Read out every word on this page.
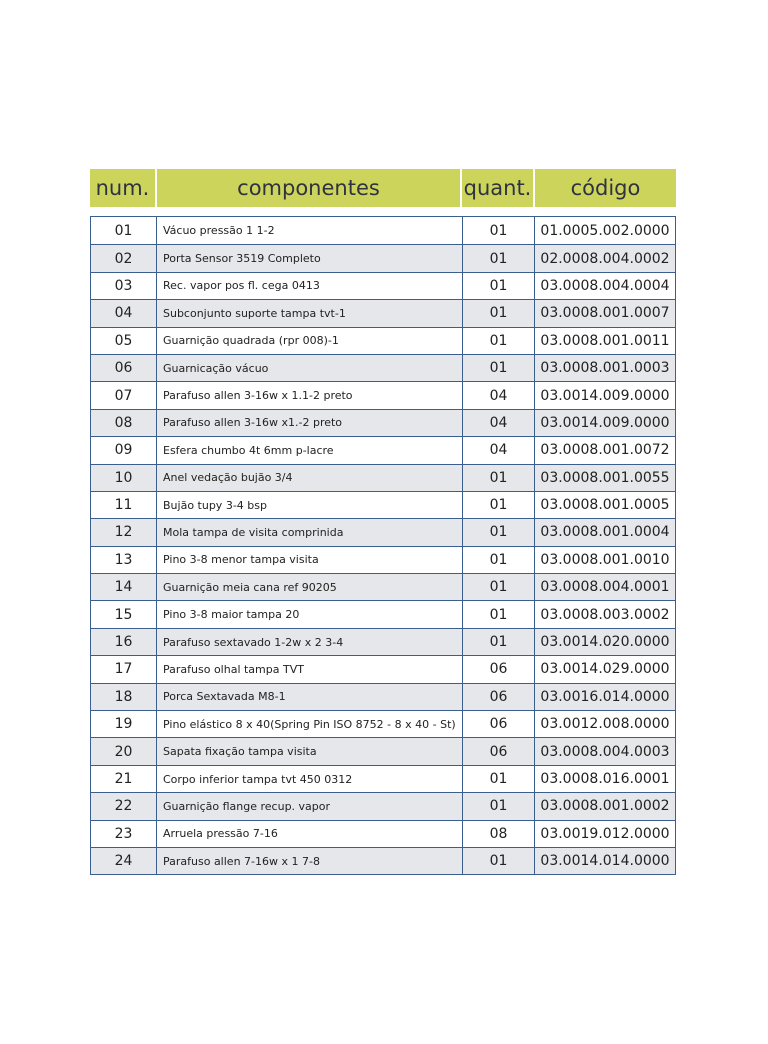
num.	componentes	quant.	código
01	Vácuo pressão 1 1-2	01	01.0005.002.0000
02	Porta Sensor 3519 Completo	01	02.0008.004.0002
03	Rec. vapor pos fl. cega 0413	01	03.0008.004.0004
04	Subconjunto suporte tampa tvt-1	01	03.0008.001.0007
05	Guarnição quadrada (rpr 008)-1	01	03.0008.001.0011
06	Guarnicação vácuo	01	03.0008.001.0003
07	Parafuso allen 3-16w x 1.1-2 preto	04	03.0014.009.0000
08	Parafuso allen 3-16w x1.-2 preto	04	03.0014.009.0000
09	Esfera chumbo 4t 6mm p-lacre	04	03.0008.001.0072
10	Anel vedação bujão 3/4	01	03.0008.001.0055
11	Bujão tupy 3-4 bsp	01	03.0008.001.0005
12	Mola tampa de visita comprinida	01	03.0008.001.0004
13	Pino 3-8 menor tampa visita	01	03.0008.001.0010
14	Guarnição meia cana ref 90205	01	03.0008.004.0001
15	Pino 3-8 maior tampa 20	01	03.0008.003.0002
16	Parafuso sextavado 1-2w x 2 3-4	01	03.0014.020.0000
17	Parafuso olhal tampa TVT	06	03.0014.029.0000
18	Porca Sextavada M8-1	06	03.0016.014.0000
19	Pino elástico 8 x 40(Spring Pin ISO 8752 - 8 x 40 - St)	06	03.0012.008.0000
20	Sapata fixação tampa visita	06	03.0008.004.0003
21	Corpo inferior tampa tvt 450 0312	01	03.0008.016.0001
22	Guarnição flange recup. vapor	01	03.0008.001.0002
23	Arruela pressão 7-16	08	03.0019.012.0000
24	Parafuso allen 7-16w x 1 7-8	01	03.0014.014.0000
